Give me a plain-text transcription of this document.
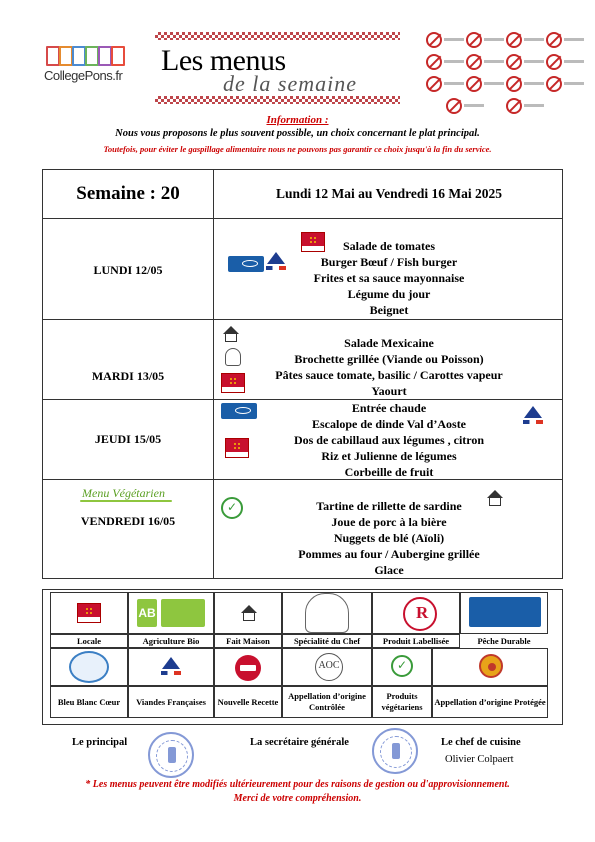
CollegePons.fr Les menus
de la semaine
Information :
Nous vous proposons le plus souvent possible, un choix concernant le plat principal.
Toutefois, pour éviter le gaspillage alimentaire nous ne pouvons pas garantir ce choix jusqu'à la fin du service.
Semaine : 20	Lundi 12 Mai au Vendredi 16 Mai 2025
LUNDI 12/05
Salade de tomates
Burger Bœuf / Fish burger
Frites et sa sauce mayonnaise
Légume du jour
Beignet
MARDI 13/05
Salade Mexicaine
Brochette grillée (Viande ou Poisson)
Pâtes sauce tomate, basilic / Carottes vapeur
Yaourt
JEUDI 15/05
Entrée chaude
Escalope de dinde Val d’Aoste
Dos de cabillaud aux légumes , citron
Riz et Julienne de légumes
Corbeille de fruit
VENDREDI 16/05
Tartine de rillette de sardine
Joue de porc à la bière
Nuggets de blé (Aïoli)
Pommes au four / Aubergine grillée
Glace
✓
Menu Végétarien
AB
R
Locale	Agriculture Bio	Fait Maison	Spécialité du Chef	Produit Labellisée	Pêche Durable
AOC
✓
Bleu Blanc Cœur	Viandes Françaises	Nouvelle Recette
Appellation d’origine Contrôlée
Produits végétariens
Appellation d’origine Protégée
Le principal	La secrétaire générale	Le chef de cuisine
Olivier Colpaert
* Les menus peuvent être modifiés ultérieurement pour des raisons de gestion ou d'approvisionnement.
Merci de votre compréhension.
